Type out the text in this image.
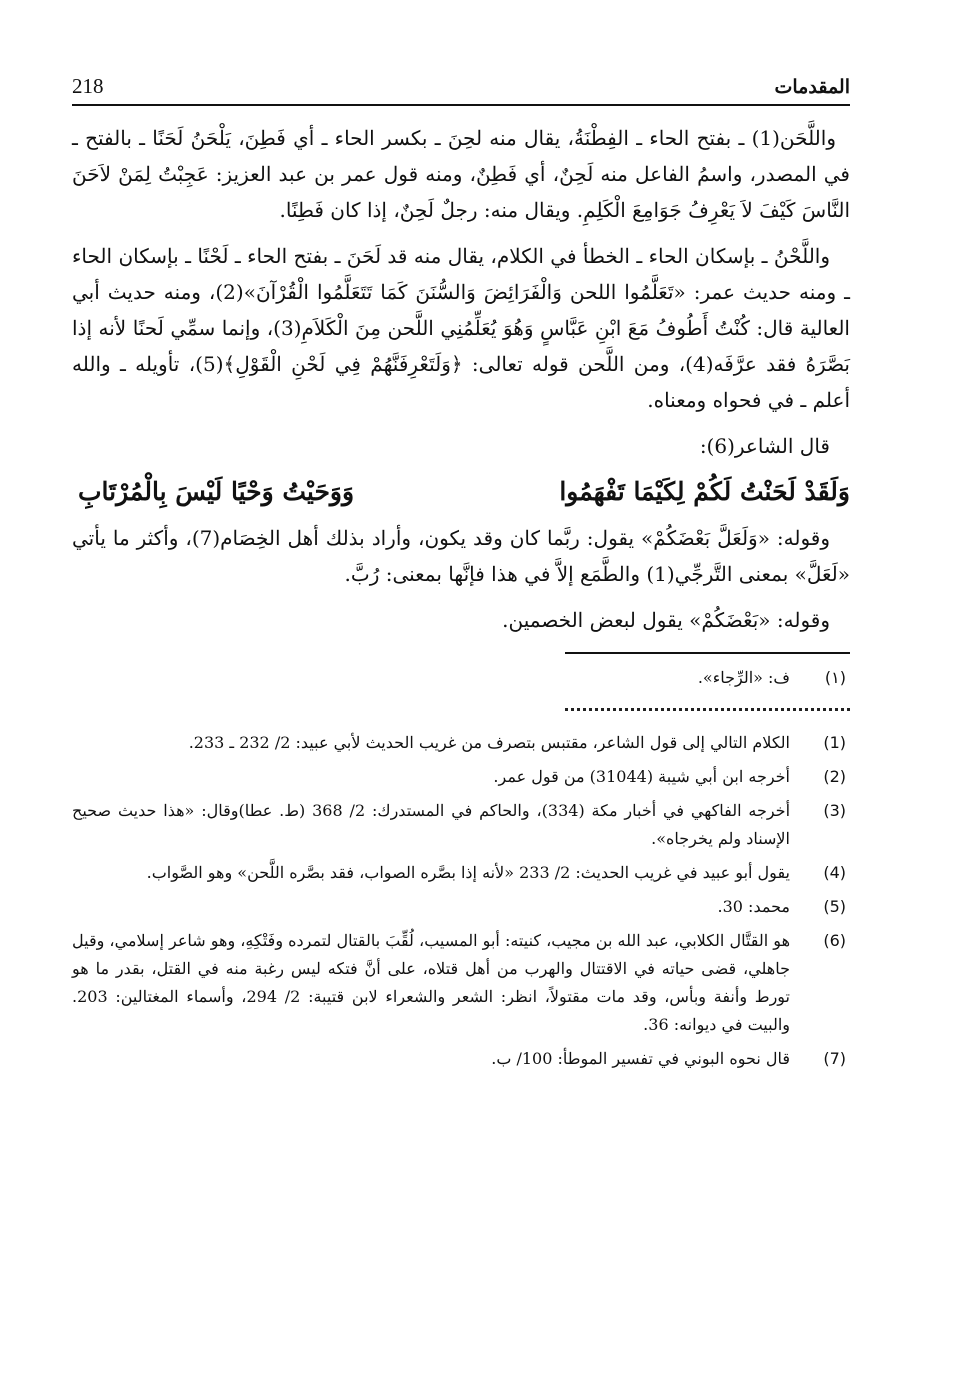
المقدمات
218

واللَّحَن(1) ـ بفتح الحاء ـ الفِطْنَةُ، يقال منه لحِنَ ـ بكسر الحاء ـ أي فَطِنَ، يَلْحَنُ لَحَنًا ـ بالفتح ـ في المصدر، واسمُ الفاعل منه لَحِنٌ، أي فَطِنٌ، ومنه قول عمر بن عبد العزيز: عَجِبْتُ لِمَنْ لاَحَنَ النَّاسَ كَيْفَ لاَ يَعْرِفُ جَوَامِعَ الْكَلِمِ. ويقال منه: رجلٌ لَحِنٌ، إذا كان فَطِنًا.

واللَّحْنُ ـ بإسكان الحاء ـ الخطأ في الكلام، يقال منه قد لَحَنَ ـ بفتح الحاء ـ لَحْنًا ـ بإسكان الحاء ـ ومنه حديث عمر: «تَعَلَّمُوا اللحن وَالْفَرَائِضَ وَالسُّنَنَ كَمَا تَتَعَلَّمُوا الْقُرْآنَ»(2)، ومنه حديث أبي العالية قال: كُنْتُ أَطُوفُ مَعَ ابْنِ عَبَّاسٍ وَهُوَ يُعَلِّمُنِي اللَّحن مِنَ الْكَلاَمِ(3)، وإنما سمِّي لَحنًا لأنه إذا بَصَّرَهُ فقد عرَّفَه(4)، ومن اللَّحن قوله تعالى: ﴿وَلَتَعْرِفَنَّهُمْ فِي لَحْنِ الْقَوْلِ﴾(5)، تأويله ـ والله أعلم ـ في فحواه ومعناه.

قال الشاعر(6):

وَلَقَدْ لَحَنْتُ لَكُمْ لِكَيْمَا تَفْهَمُوا
وَوَحَيْتُ وَحْيًا لَيْسَ بِالْمُرْتَابِ

وقوله: «وَلَعَلَّ بَعْضَكُمْ» يقول: ربَّما كان وقد يكون، وأراد بذلك أهل الخِصَام(7)، وأكثر ما يأتي «لَعَلَّ» بمعنى التَّرجِّي(1) والطَّمَع إلاَّ في هذا فإنَّها بمعنى: رُبَّ.

وقوله: «بَعْضَكُمْ» يقول لبعض الخصمين.

(١)
ف: «الرِّجاء».
(1)
الكلام التالي إلى قول الشاعر، مقتبس بتصرف من غريب الحديث لأبي عبيد: 2/ 232 ـ 233.
(2)
أخرجه ابن أبي شيبة (31044) من قول عمر.
(3)
أخرجه الفاكهي في أخبار مكة (334)، والحاكم في المستدرك: 2/ 368 (ط. عطا)وقال: «هذا حديث صحيح الإسناد ولم يخرجاه».
(4)
يقول أبو عبيد في غريب الحديث: 2/ 233 «لأنه إذا بصَّره الصواب، فقد بصَّره اللَّحن» وهو الصَّواب.
(5)
محمد: 30.
(6)
هو القتَّال الكلابي، عبد الله بن مجيب، كنيته: أبو المسيب، لُقِّبَ بالقتال لتمرده وفَتْكِهِ، وهو شاعر إسلامي، وقيل جاهلي، قضى حياته في الاقتتال والهرب من أهل قتلاه، على أنَّ فتكه ليس رغبة منه في القتل، بقدر ما هو تورط وأنفة وبأس، وقد مات مقتولاً، انظر: الشعر والشعراء لابن قتيبة: 2/ 294، وأسماء المغتالين: 203. والبيت في ديوانه: 36.
(7)
قال نحوه البوني في تفسير الموطأ: 100/ ب.
